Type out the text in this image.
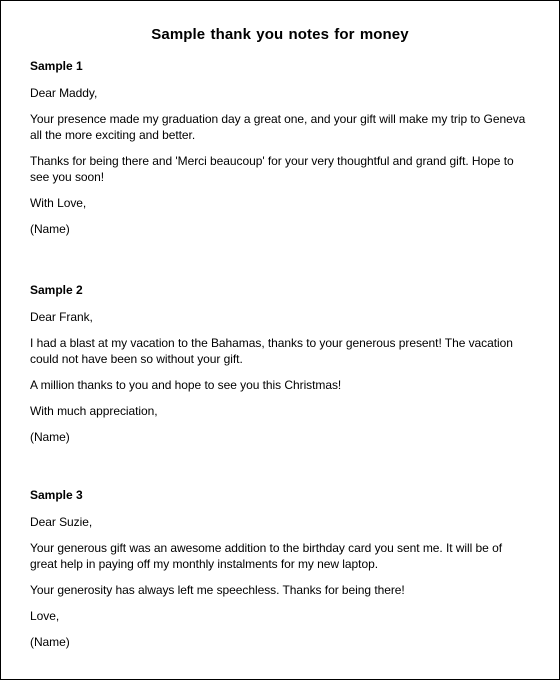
Sample thank you notes for money
Sample 1
Dear Maddy,
Your presence made my graduation day a great one, and your gift will make my trip to Geneva all the more exciting and better.
Thanks for being there and 'Merci beaucoup' for your very thoughtful and grand gift. Hope to see you soon!
With Love,
(Name)
Sample 2
Dear Frank,
I had a blast at my vacation to the Bahamas, thanks to your generous present! The vacation could not have been so without your gift.
A million thanks to you and hope to see you this Christmas!
With much appreciation,
(Name)
Sample 3
Dear Suzie,
Your generous gift was an awesome addition to the birthday card you sent me. It will be of great help in paying off my monthly instalments for my new laptop.
Your generosity has always left me speechless. Thanks for being there!
Love,
(Name)
